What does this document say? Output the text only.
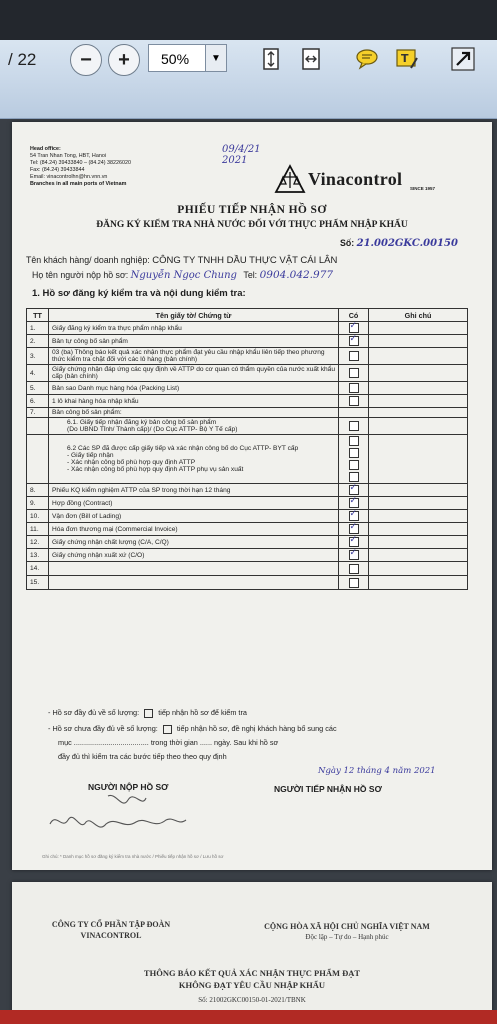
/ 22 − +	50%	▼	T
Head office:
54 Tran Nhan Tong, HBT, Hanoi
Tel: (84.24) 39433840 – (84.24) 38226020
Fax: (84.24) 39433844
Email: vinacontrolhn@hn.vnn.vn
Branches in all main ports of Vietnam
09/4/21
2021
Vinacontrol SINCE 1957
PHIẾU TIẾP NHẬN HỒ SƠ
ĐĂNG KÝ KIỂM TRA NHÀ NƯỚC ĐỐI VỚI THỰC PHẨM NHẬP KHẨU
Số: 21.002GKC.00150
Tên khách hàng/ doanh nghiệp: CÔNG TY TNHH DẦU THỰC VẬT CÁI LÂN
Họ tên người nộp hồ sơ: Nguyễn Ngọc Chung Tel: 0904.042.977
1. Hồ sơ đăng ký kiểm tra và nội dung kiểm tra:
TT	Tên giấy tờ/ Chứng từ	Có	Ghi chú
1.	Giấy đăng ký kiểm tra thực phẩm nhập khẩu	✓	
2.	Bản tự công bố sản phẩm	✓	
3.	03 (ba) Thông báo kết quả xác nhận thực phẩm đạt yêu cầu nhập khẩu liên tiếp theo phương thức kiểm tra chặt đối với các lô hàng (bản chính)		
4.	Giấy chứng nhận đáp ứng các quy định về ATTP do cơ quan có thẩm quyền của nước xuất khẩu cấp (bản chính)		
5.	Bản sao Danh mục hàng hóa (Packing List)		
6.	1 lô khai hàng hóa nhập khẩu		
7.	Bản công bố sản phẩm:		
	6.1. Giấy tiếp nhận đăng ký bản công bố sản phẩm
(Do UBND Tỉnh/ Thành cấp)/ (Do Cục ATTP- Bộ Y Tế cấp)		
	6.2 Các SP đã được cấp giấy tiếp và xác nhận công bố do Cục ATTP- BYT cấp
- Giấy tiếp nhận
- Xác nhận công bố phù hợp quy định ATTP
- Xác nhận công bố phù hợp quy định ATTP phụ vụ sản xuất	

8.	Phiếu KQ kiểm nghiệm ATTP của SP trong thời hạn 12 tháng	✓	
9.	Hợp đồng (Contract)	✓	
10.	Vận đơn (Bill of Lading)	✓	
11.	Hóa đơn thương mại (Commercial Invoice)	✓	
12.	Giấy chứng nhận chất lượng (C/A, C/Q)	✓	
13.	Giấy chứng nhận xuất xứ (C/O)	✓	
14.			
15.			
- Hồ sơ đầy đủ về số lượng:	tiếp nhận hồ sơ để kiểm tra
- Hồ sơ chưa đầy đủ về số lượng:	tiếp nhận hồ sơ, đề nghị khách hàng bổ sung các
mục ..................................... trong thời gian ...... ngày. Sau khi hồ sơ
đầy đủ thì kiểm tra các bước tiếp theo theo quy định
Ngày 12 tháng 4 năm 2021
NGƯỜI NỘP HỒ SƠ	NGƯỜI TIẾP NHẬN HỒ SƠ
Ghi chú: * Danh mục hồ sơ đăng ký kiểm tra nhà nước / Phiếu tiếp nhận hồ sơ / Lưu hồ sơ
CÔNG TY CỔ PHẦN TẬP ĐOÀN
VINACONTROL
CỘNG HÒA XÃ HỘI CHỦ NGHĨA VIỆT NAM
Độc lập – Tự do – Hạnh phúc
THÔNG BÁO KẾT QUẢ XÁC NHẬN THỰC PHẨM ĐẠT
KHÔNG ĐẠT YÊU CẦU NHẬP KHẨU
Số: 21002GKC00150-01-2021/TBNK
